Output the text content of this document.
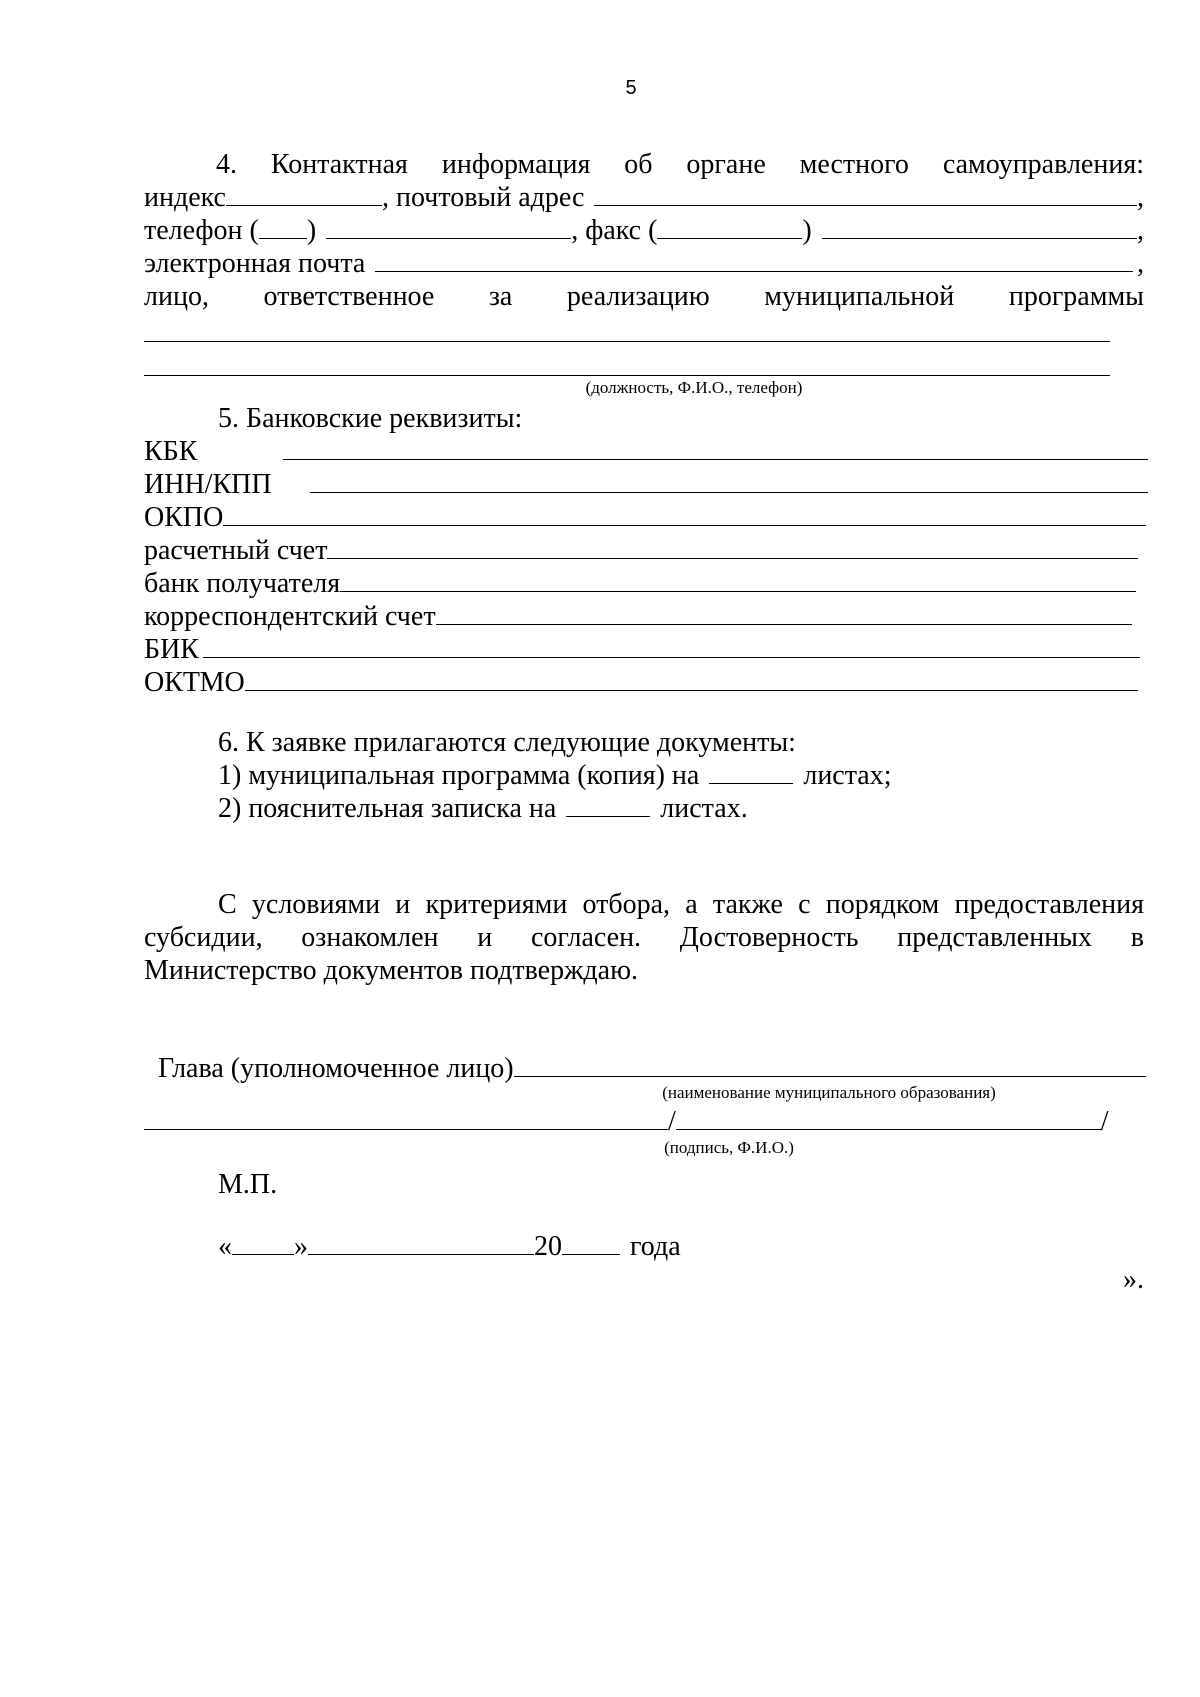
5
4. Контактная информация об органе местного самоуправления:
индекс	, почтовый адрес	,
телефон ( )	, факс (	)	,
электронная почта	,
лицо, ответственное за реализацию муниципальной программы
(должность, Ф.И.О., телефон)
5. Банковские реквизиты:
КБК
ИНН/КПП
ОКПО
расчетный счет
банк получателя
корреспондентский счет
БИК
ОКТМО
6. К заявке прилагаются следующие документы:
1) муниципальная программа (копия) на	листах;
2) пояснительная записка на	листах.
С условиями и критериями отбора, а также с порядком предоставления
субсидии, ознакомлен и согласен. Достоверность представленных в
Министерство документов подтверждаю.
Глава (уполномоченное лицо)
(наименование муниципального образования)
/	/
(подпись, Ф.И.О.)
М.П.
« »	20 года
».
